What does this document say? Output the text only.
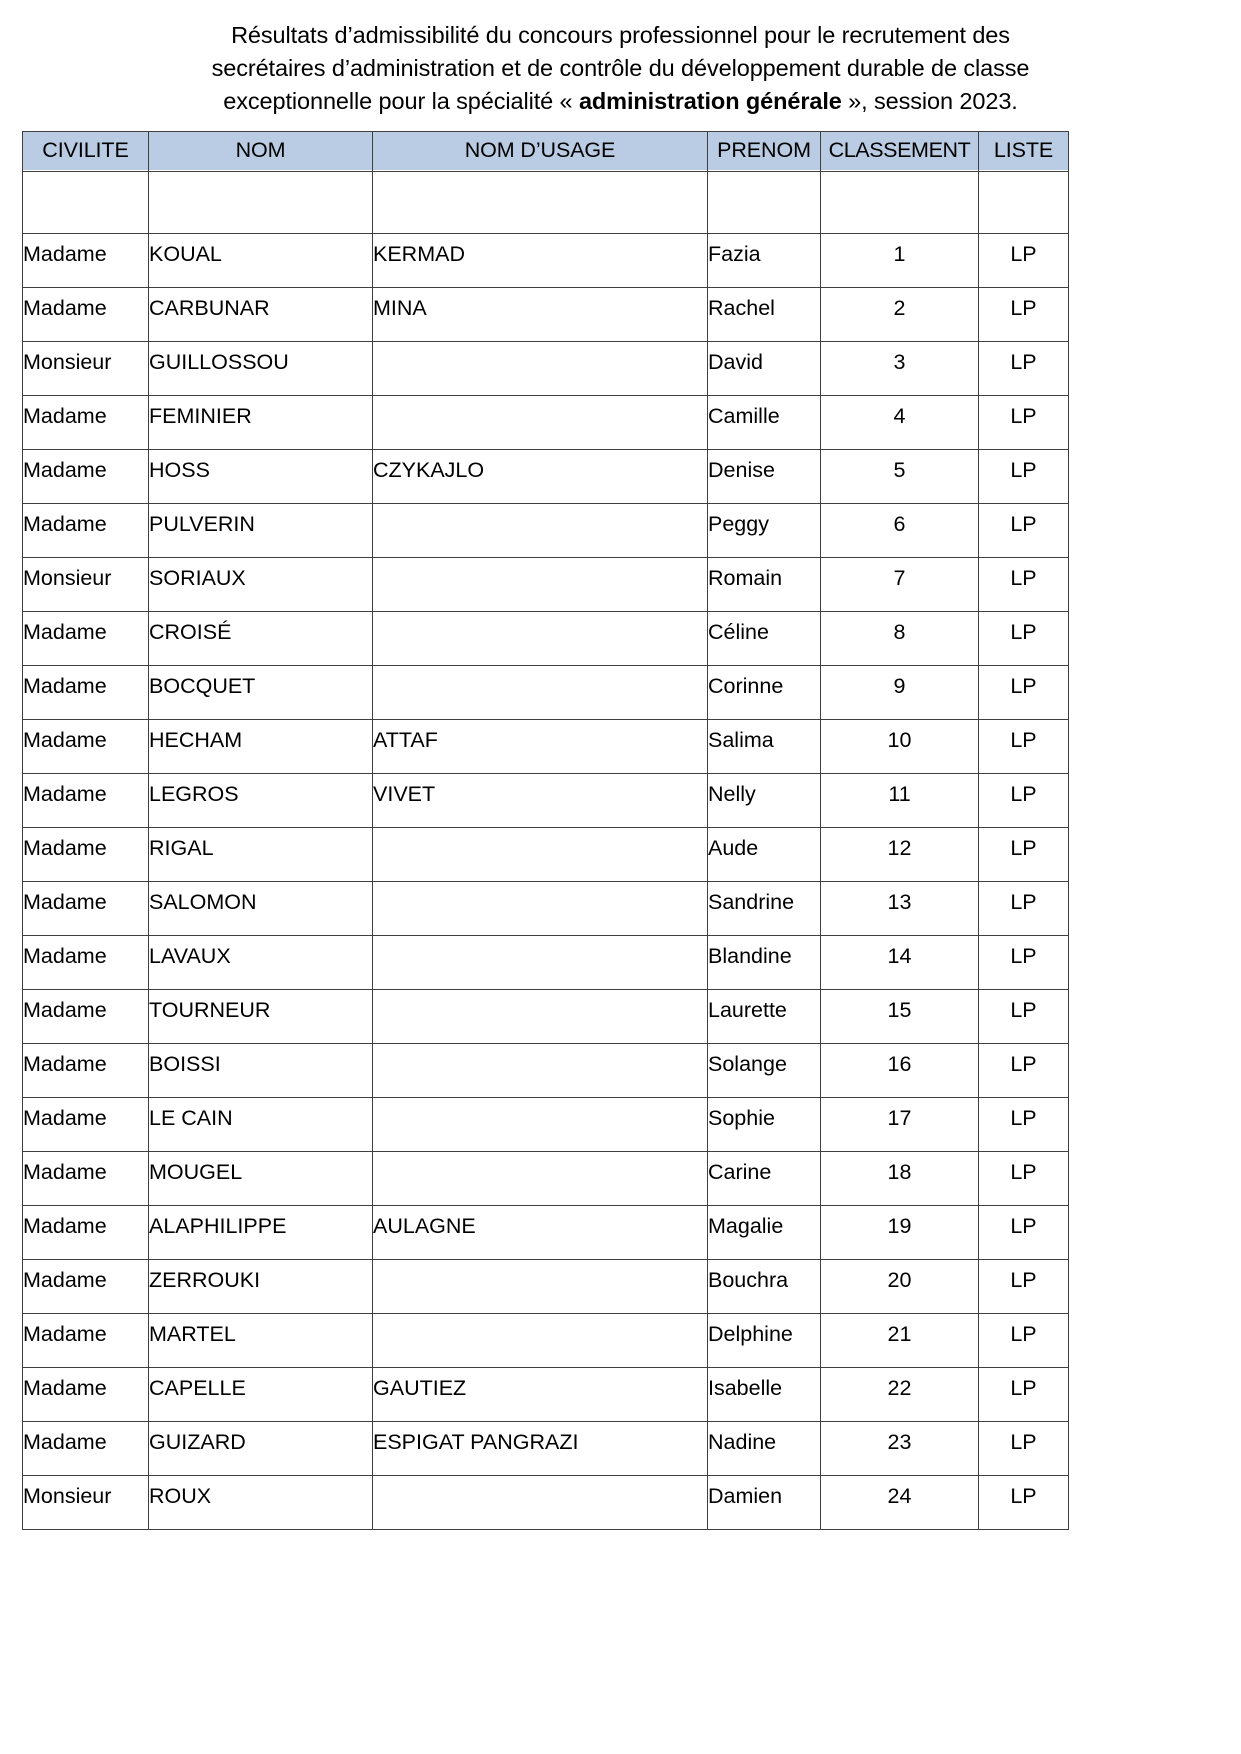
Résultats d’admissibilité du concours professionnel pour le recrutement des
secrétaires d’administration et de contrôle du développement durable de classe
exceptionnelle pour la spécialité « administration générale », session 2023.
CIVILITE	NOM	NOM D’USAGE	PRENOM	CLASSEMENT	LISTE

Madame	KOUAL	KERMAD	Fazia	1	LP
Madame	CARBUNAR	MINA	Rachel	2	LP
Monsieur	GUILLOSSOU		David	3	LP
Madame	FEMINIER		Camille	4	LP
Madame	HOSS	CZYKAJLO	Denise	5	LP
Madame	PULVERIN		Peggy	6	LP
Monsieur	SORIAUX		Romain	7	LP
Madame	CROISÉ		Céline	8	LP
Madame	BOCQUET		Corinne	9	LP
Madame	HECHAM	ATTAF	Salima	10	LP
Madame	LEGROS	VIVET	Nelly	11	LP
Madame	RIGAL		Aude	12	LP
Madame	SALOMON		Sandrine	13	LP
Madame	LAVAUX		Blandine	14	LP
Madame	TOURNEUR		Laurette	15	LP
Madame	BOISSI		Solange	16	LP
Madame	LE CAIN		Sophie	17	LP
Madame	MOUGEL		Carine	18	LP
Madame	ALAPHILIPPE	AULAGNE	Magalie	19	LP
Madame	ZERROUKI		Bouchra	20	LP
Madame	MARTEL		Delphine	21	LP
Madame	CAPELLE	GAUTIEZ	Isabelle	22	LP
Madame	GUIZARD	ESPIGAT PANGRAZI	Nadine	23	LP
Monsieur	ROUX		Damien	24	LP
